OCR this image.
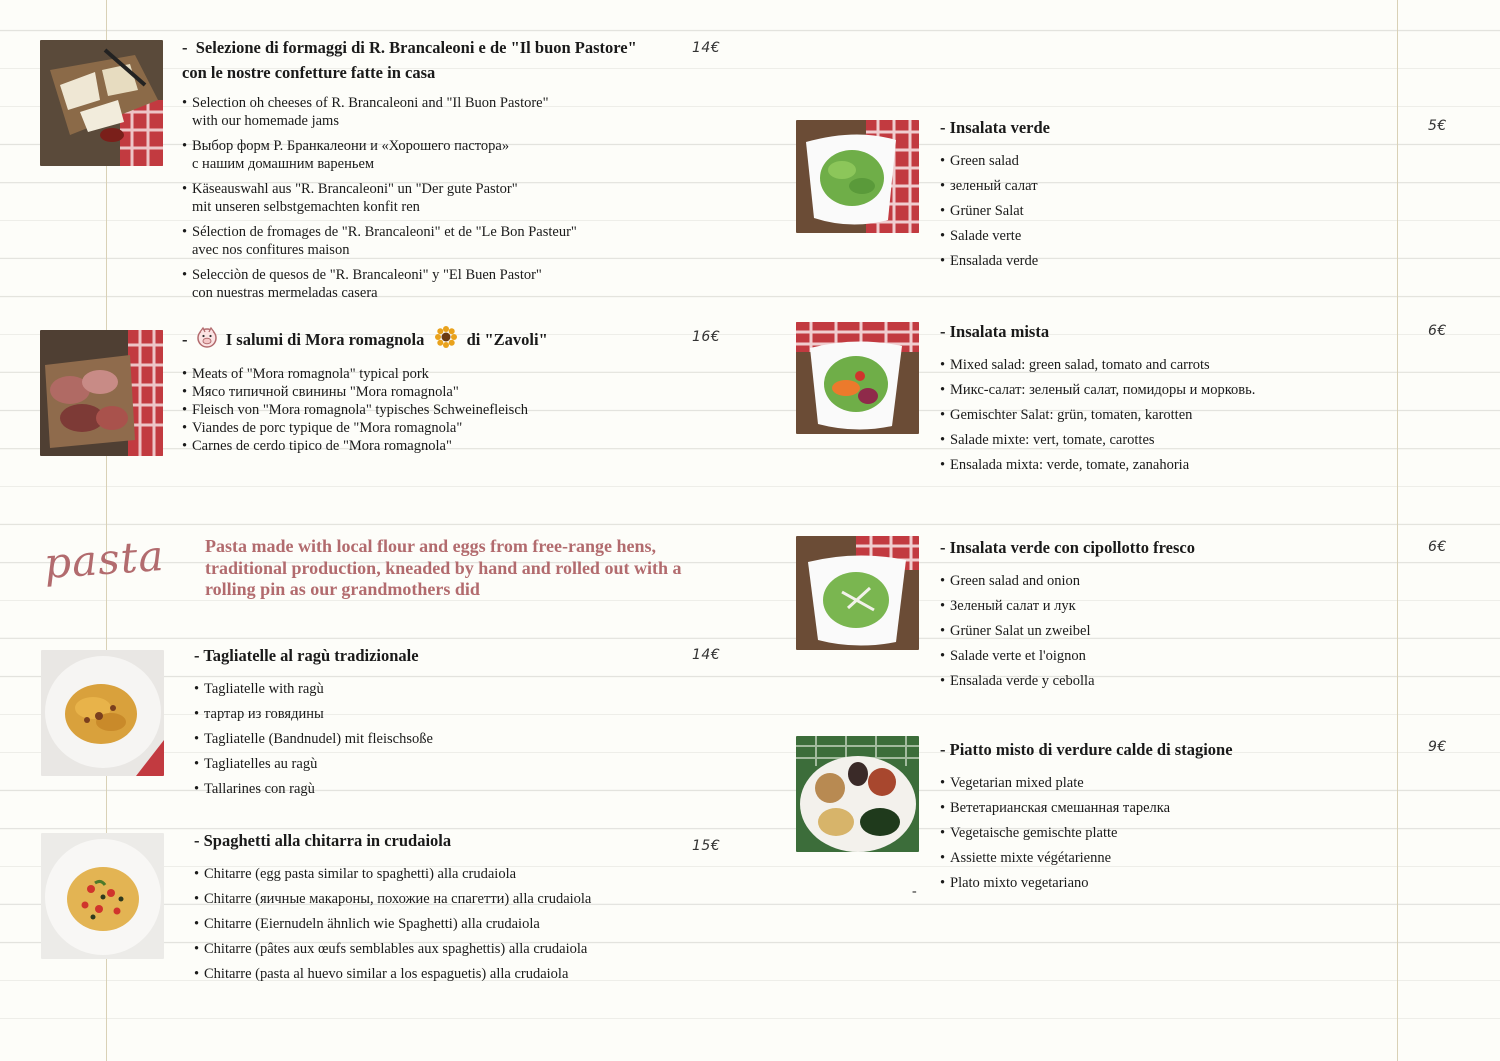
- Selezione di formaggi di R. Brancaleoni e de "Il buon Pastore"
con le nostre confetture fatte in casa
• Selection oh cheeses of R. Brancaleoni and "Il Buon Pastore"
with our homemade jams
• Выбор форм Р. Бранкалеони и «Хорошего пастора»
с нашим домашним вареньем
• Käseauswahl aus "R. Brancaleoni" un "Der gute Pastor"
mit unseren selbstgemachten konfit ren
• Sélection de fromages de "R. Brancaleoni" et de "Le Bon Pasteur"
avec nos confitures maison
• Selecciòn de quesos de "R. Brancaleoni" y "El Buen Pastor"
con nuestras mermeladas casera
14€
- I salumi di Mora romagnola	di "Zavoli"
• Meats of "Mora romagnola" typical pork
• Мясо типичной свинины "Mora romagnola"
• Fleisch von "Mora romagnola" typisches Schweinefleisch
• Viandes de porc typique de "Mora romagnola"
• Carnes de cerdo tipico de "Mora romagnola"
16€
pasta Pasta made with local flour and eggs from free-range hens, traditional production, kneaded by hand and rolled out with a rolling pin as our grandmothers did
- Tagliatelle al ragù tradizionale
• Tagliatelle with ragù
• тартар из говядины
• Tagliatelle (Bandnudel) mit fleischsoße
• Tagliatelles au ragù
• Tallarines con ragù
14€
- Spaghetti alla chitarra in crudaiola
• Chitarre (egg pasta similar to spaghetti) alla crudaiola
• Chitarre (яичные макароны, похожие на спагетти) alla crudaiola
• Chitarre (Eiernudeln ähnlich wie Spaghetti) alla crudaiola
• Chitarre (pâtes aux œufs semblables aux spaghettis) alla crudaiola
• Chitarre (pasta al huevo similar a los espaguetis) alla crudaiola
15€
- Insalata verde
• Green salad
• зеленый салат
• Grüner Salat
• Salade verte
• Ensalada verde
5€
- Insalata mista
• Mixed salad: green salad, tomato and carrots
• Микс-салат: зеленый салат, помидоры и морковь.
• Gemischter Salat: grün, tomaten, karotten
• Salade mixte: vert, tomate, carottes
• Ensalada mixta: verde, tomate, zanahoria
6€
- Insalata verde con cipollotto fresco
• Green salad and onion
• Зеленый салат и лук
• Grüner Salat un zweibel
• Salade verte et l'oignon
• Ensalada verde y cebolla
6€
- Piatto misto di verdure calde di stagione
• Vegetarian mixed plate
• Вететарианская смешанная тарелка
• Vegetaische gemischte platte
• Assiette mixte végétarienne
• Plato mixto vegetariano
9€
-
